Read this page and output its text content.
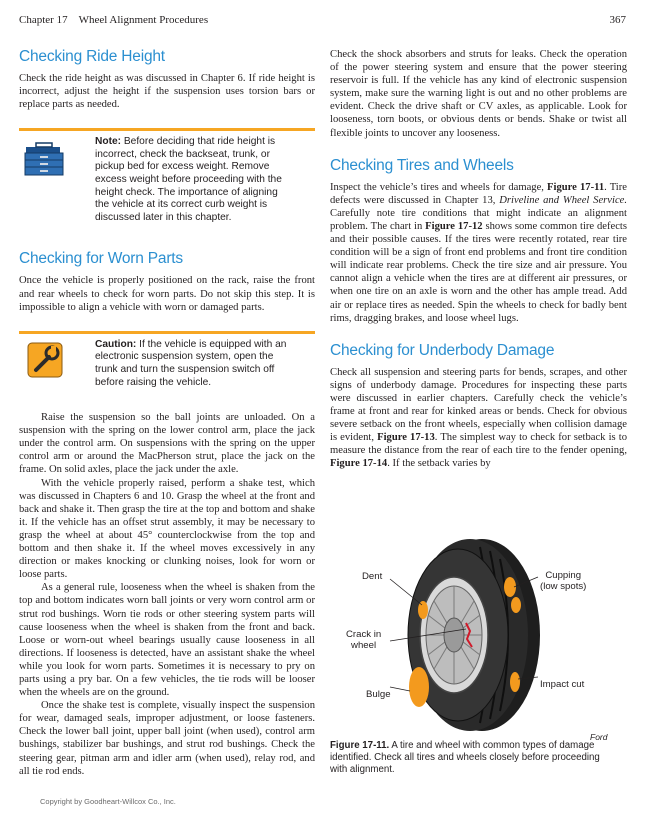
Chapter 17 Wheel Alignment Procedures	367
Checking Ride Height

Check the ride height as was discussed in Chapter 6. If ride height is incorrect, adjust the height if the suspension uses torsion bars or replace parts as needed.

Note: Before deciding that ride height is incorrect, check the backseat, trunk, or pickup bed for excess weight. Remove excess weight before proceeding with the height check. The importance of aligning the vehicle at its correct curb weight is discussed later in this chapter.
Checking for Worn Parts

Once the vehicle is properly positioned on the rack, raise the front and rear wheels to check for worn parts. Do not skip this step. It is impossible to align a vehicle with worn or damaged parts.

Caution: If the vehicle is equipped with an electronic suspension system, open the trunk and turn the suspension switch off before raising the vehicle.

Raise the suspension so the ball joints are unloaded. On a suspension with the spring on the lower control arm, place the jack under the control arm. On suspensions with the spring on the upper control arm or around the MacPherson strut, place the jack on the frame. On solid axles, place the jack under the axle.

With the vehicle properly raised, perform a shake test, which was discussed in Chapters 6 and 10. Grasp the wheel at the front and back and shake it. Then grasp the tire at the top and bottom and shake it. If the vehicle has an offset strut assembly, it may be necessary to grasp the wheel at about 45° counterclockwise from the top and bottom and then shake it. If the wheel moves excessively in any direction or makes knocking or clunking noises, look for worn or loose parts.

As a general rule, looseness when the wheel is shaken from the top and bottom indicates worn ball joints or very worn control arm or strut rod bushings. Worn tie rods or other steering system parts will cause looseness when the wheel is shaken from the front and back. Loose or worn-out wheel bearings usually cause looseness in all directions. If looseness is detected, have an assistant shake the wheel while you look for worn parts. Sometimes it is necessary to pry on parts using a pry bar. On a few vehicles, the tie rods will be looser when the wheels are on the ground.

Once the shake test is complete, visually inspect the suspension for wear, damaged seals, improper adjustment, or loose fasteners. Check the lower ball joint, upper ball joint (when used), control arm bushings, stabilizer bar bushings, and strut rod bushings. Check the steering gear, pitman arm and idler arm (when used), relay rod, and all tie rod ends.

Check the shock absorbers and struts for leaks. Check the operation of the power steering system and ensure that the power steering reservoir is full. If the vehicle has any kind of electronic suspension system, make sure the warning light is out and no other problems are evident. Check the drive shaft or CV axles, as applicable. Look for looseness, torn boots, or obvious dents or bends. Shake or twist all flexible joints to uncover any looseness.

Checking Tires and Wheels

Inspect the vehicle’s tires and wheels for damage, Figure 17-11. Tire defects were discussed in Chapter 13, Driveline and Wheel Service. Carefully note tire conditions that might indicate an alignment problem. The chart in Figure 17-12 shows some common tire defects and their possible causes. If the tires were recently rotated, rear tire condition will be a sign of front end problems and front tire condition will indicate rear problems. Check the tire size and air pressure. You cannot align a vehicle when the tires are at different air pressures, or when one tire on an axle is worn and the other has ample tread. Add air or replace tires as needed. Spin the wheels to check for badly bent rims, dragging brakes, and loose wheel lugs.

Checking for Underbody Damage

Check all suspension and steering parts for bends, scrapes, and other signs of underbody damage. Procedures for inspecting these parts were discussed in earlier chapters. Carefully check the vehicle’s frame at front and rear for kinked areas or bends. Check for obvious severe setback on the front wheels, especially when collision damage is evident, Figure 17-13. The simplest way to check for setback is to measure the distance from the rear of each tire to the fender opening, Figure 17-14. If the setback varies by

Dent	Cupping
(low spots)
Crack in
wheel
Impact cut
Bulge
Ford
Figure 17-11. A tire and wheel with common types of damage identified. Check all tires and wheels closely before proceeding with alignment.
Copyright by Goodheart-Willcox Co., Inc.
